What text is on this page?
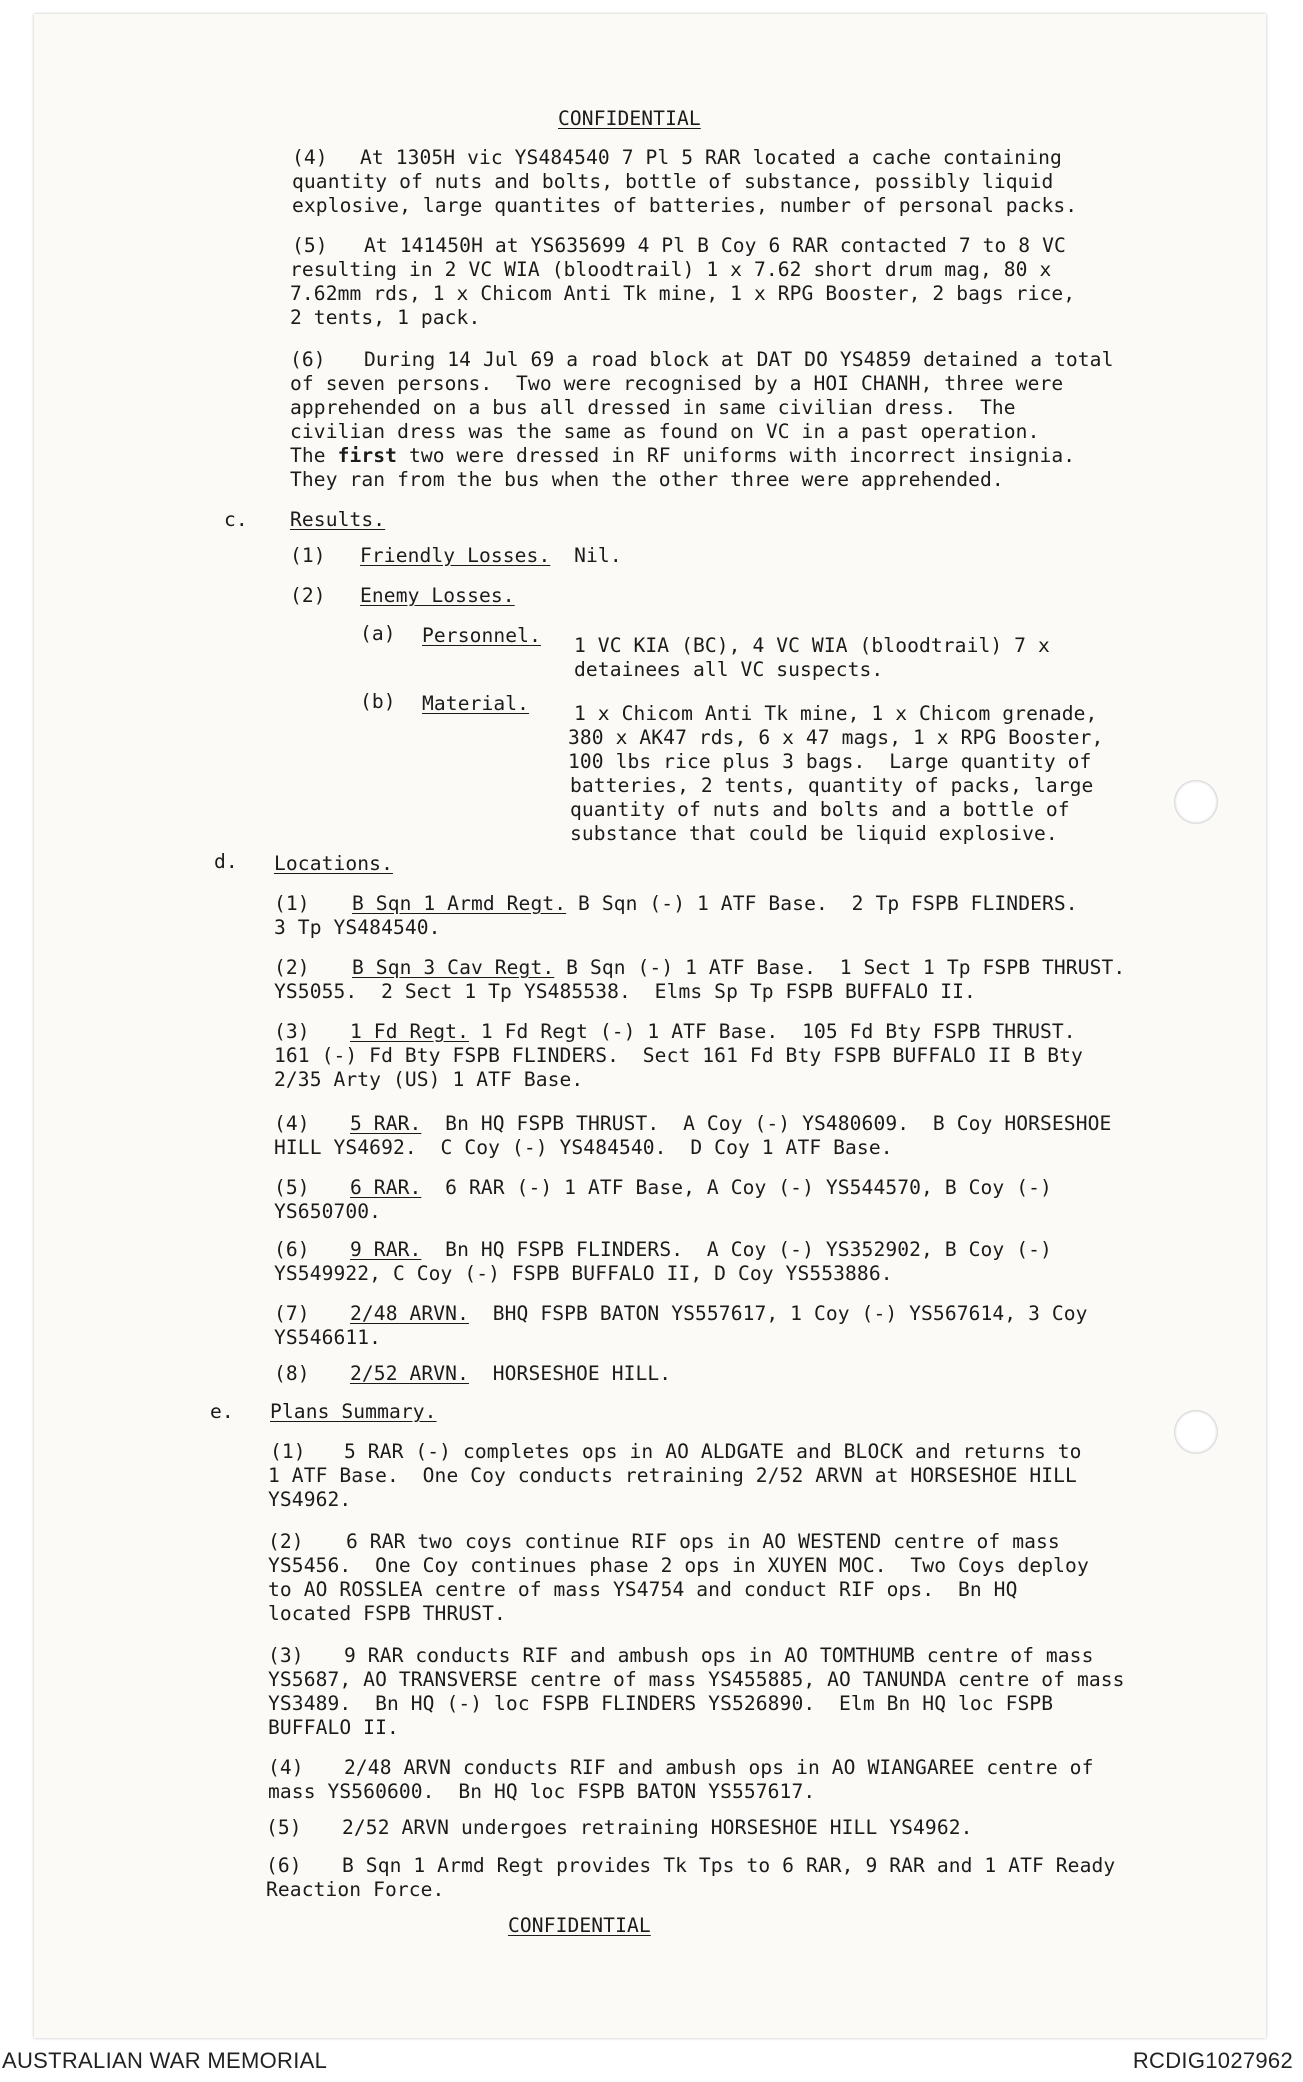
CONFIDENTIAL
(4) At 1305H vic YS484540 7 Pl 5 RAR located a cache containing
quantity of nuts and bolts, bottle of substance, possibly liquid
explosive, large quantites of batteries, number of personal packs.
(5) At 141450H at YS635699 4 Pl B Coy 6 RAR contacted 7 to 8 VC
resulting in 2 VC WIA (bloodtrail) 1 x 7.62 short drum mag, 80 x
7.62mm rds, 1 x Chicom Anti Tk mine, 1 x RPG Booster, 2 bags rice,
2 tents, 1 pack.
(6) During 14 Jul 69 a road block at DAT DO YS4859 detained a total
of seven persons.  Two were recognised by a HOI CHANH, three were
apprehended on a bus all dressed in same civilian dress.  The
civilian dress was the same as found on VC in a past operation.
The first two were dressed in RF uniforms with incorrect insignia.
They ran from the bus when the other three were apprehended.
c. Results.
(1) Friendly Losses. Nil.
(2) Enemy Losses.
(a) Personnel. 1 VC KIA (BC), 4 VC WIA (bloodtrail) 7 x
detainees all VC suspects.
(b) Material. 1 x Chicom Anti Tk mine, 1 x Chicom grenade,
380 x AK47 rds, 6 x 47 mags, 1 x RPG Booster,
100 lbs rice plus 3 bags.  Large quantity of
batteries, 2 tents, quantity of packs, large
quantity of nuts and bolts and a bottle of
substance that could be liquid explosive.
d. Locations.
(1) B Sqn 1 Armd Regt. B Sqn (-) 1 ATF Base.  2 Tp FSPB FLINDERS.
3 Tp YS484540.
(2) B Sqn 3 Cav Regt. B Sqn (-) 1 ATF Base.  1 Sect 1 Tp FSPB THRUST.
YS5055.  2 Sect 1 Tp YS485538.  Elms Sp Tp FSPB BUFFALO II.
(3) 1 Fd Regt. 1 Fd Regt (-) 1 ATF Base.  105 Fd Bty FSPB THRUST.
161 (-) Fd Bty FSPB FLINDERS.  Sect 161 Fd Bty FSPB BUFFALO II B Bty
2/35 Arty (US) 1 ATF Base.
(4) 5 RAR.  Bn HQ FSPB THRUST.  A Coy (-) YS480609.  B Coy HORSESHOE
HILL YS4692.  C Coy (-) YS484540.  D Coy 1 ATF Base.
(5) 6 RAR.  6 RAR (-) 1 ATF Base, A Coy (-) YS544570, B Coy (-)
YS650700.
(6) 9 RAR.  Bn HQ FSPB FLINDERS.  A Coy (-) YS352902, B Coy (-)
YS549922, C Coy (-) FSPB BUFFALO II, D Coy YS553886.
(7) 2/48 ARVN.  BHQ FSPB BATON YS557617, 1 Coy (-) YS567614, 3 Coy
YS546611.
(8) 2/52 ARVN.  HORSESHOE HILL.
e. Plans Summary.
(1) 5 RAR (-) completes ops in AO ALDGATE and BLOCK and returns to
1 ATF Base.  One Coy conducts retraining 2/52 ARVN at HORSESHOE HILL
YS4962.
(2) 6 RAR two coys continue RIF ops in AO WESTEND centre of mass
YS5456.  One Coy continues phase 2 ops in XUYEN MOC.  Two Coys deploy
to AO ROSSLEA centre of mass YS4754 and conduct RIF ops.  Bn HQ
located FSPB THRUST.
(3) 9 RAR conducts RIF and ambush ops in AO TOMTHUMB centre of mass
YS5687, AO TRANSVERSE centre of mass YS455885, AO TANUNDA centre of mass
YS3489.  Bn HQ (-) loc FSPB FLINDERS YS526890.  Elm Bn HQ loc FSPB
BUFFALO II.
(4) 2/48 ARVN conducts RIF and ambush ops in AO WIANGAREE centre of
mass YS560600.  Bn HQ loc FSPB BATON YS557617.
(5) 2/52 ARVN undergoes retraining HORSESHOE HILL YS4962.
(6) B Sqn 1 Armd Regt provides Tk Tps to 6 RAR, 9 RAR and 1 ATF Ready
Reaction Force.
CONFIDENTIAL
AUSTRALIAN WAR MEMORIAL	RCDIG1027962
